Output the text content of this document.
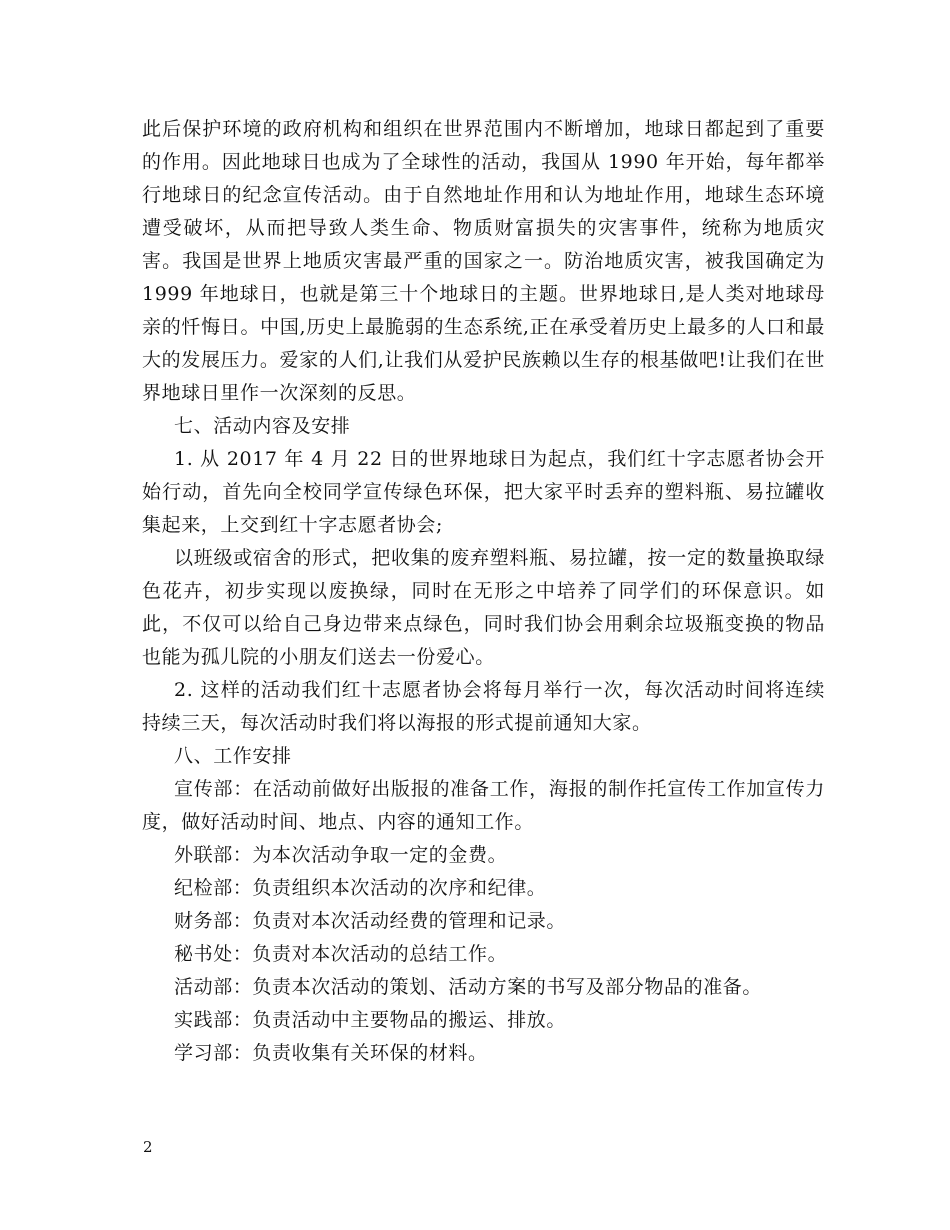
此后保护环境的政府机构和组织在世界范围内不断增加，地球日都起到了重要的作用。因此地球日也成为了全球性的活动，我国从 1990 年开始，每年都举行地球日的纪念宣传活动。由于自然地址作用和认为地址作用，地球生态环境遭受破坏，从而把导致人类生命、物质财富损失的灾害事件，统称为地质灾害。我国是世界上地质灾害最严重的国家之一。防治地质灾害，被我国确定为 1999 年地球日，也就是第三十个地球日的主题。世界地球日,是人类对地球母亲的忏悔日。中国,历史上最脆弱的生态系统,正在承受着历史上最多的人口和最大的发展压力。爱家的人们,让我们从爱护民族赖以生存的根基做吧!让我们在世界地球日里作一次深刻的反思。

七、活动内容及安排

1. 从 2017 年 4 月 22 日的世界地球日为起点，我们红十字志愿者协会开始行动，首先向全校同学宣传绿色环保，把大家平时丢弃的塑料瓶、易拉罐收集起来，上交到红十字志愿者协会;

以班级或宿舍的形式，把收集的废弃塑料瓶、易拉罐，按一定的数量换取绿色花卉，初步实现以废换绿，同时在无形之中培养了同学们的环保意识。如此，不仅可以给自己身边带来点绿色，同时我们协会用剩余垃圾瓶变换的物品也能为孤儿院的小朋友们送去一份爱心。

2. 这样的活动我们红十志愿者协会将每月举行一次，每次活动时间将连续持续三天，每次活动时我们将以海报的形式提前通知大家。

八、工作安排

宣传部：在活动前做好出版报的准备工作，海报的制作托宣传工作加宣传力度，做好活动时间、地点、内容的通知工作。

外联部：为本次活动争取一定的金费。

纪检部：负责组织本次活动的次序和纪律。

财务部：负责对本次活动经费的管理和记录。

秘书处：负责对本次活动的总结工作。

活动部：负责本次活动的策划、活动方案的书写及部分物品的准备。

实践部：负责活动中主要物品的搬运、排放。

学习部：负责收集有关环保的材料。

2
